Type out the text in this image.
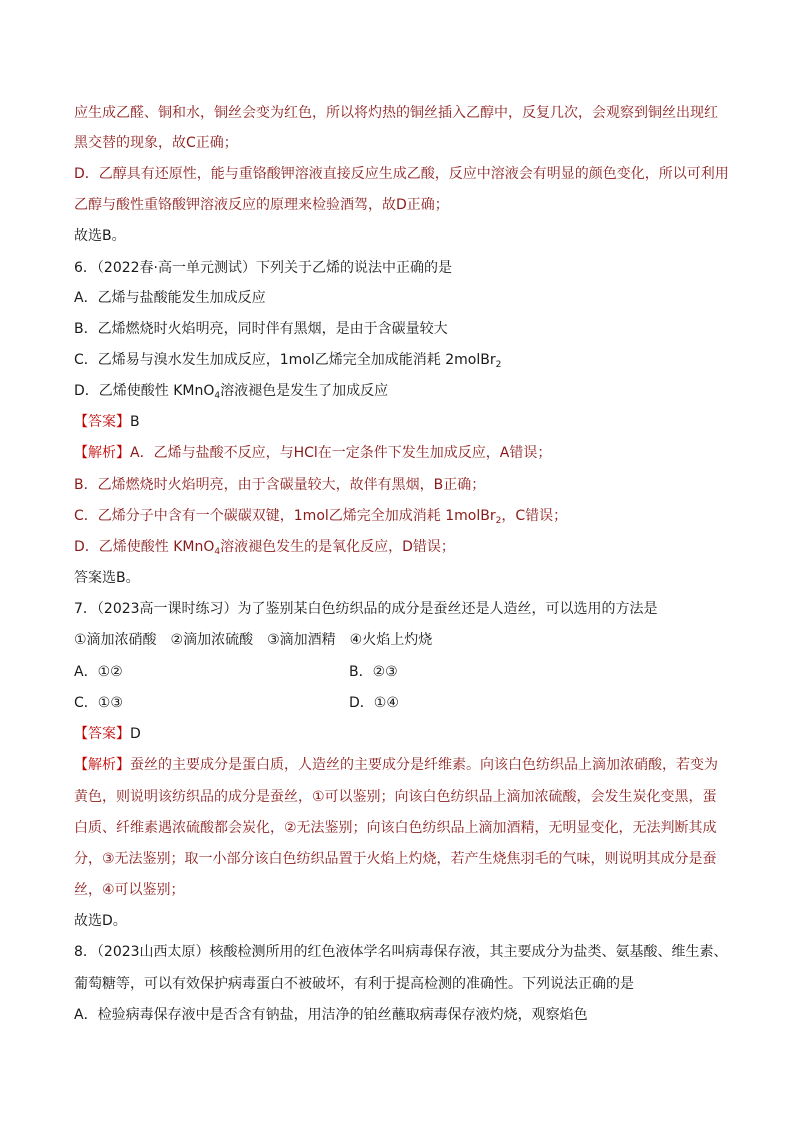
应生成乙醛、铜和水，铜丝会变为红色，所以将灼热的铜丝插入乙醇中，反复几次，会观察到铜丝出现红
黑交替的现象，故C正确；
D．乙醇具有还原性，能与重铬酸钾溶液直接反应生成乙酸，反应中溶液会有明显的颜色变化，所以可利用
乙醇与酸性重铬酸钾溶液反应的原理来检验酒驾，故D正确；
故选B。
6．（2022春·高一单元测试）下列关于乙烯的说法中正确的是
A．乙烯与盐酸能发生加成反应
B．乙烯燃烧时火焰明亮，同时伴有黑烟，是由于含碳量较大
C．乙烯易与溴水发生加成反应，1mol乙烯完全加成能消耗 2molBr$_2$
D．乙烯使酸性 KMnO$_4$溶液褪色是发生了加成反应
【答案】B
【解析】A．乙烯与盐酸不反应，与HCl在一定条件下发生加成反应，A错误；
B．乙烯燃烧时火焰明亮，由于含碳量较大，故伴有黑烟，B正确；
C．乙烯分子中含有一个碳碳双键，1mol乙烯完全加成消耗 1molBr$_2$，C错误；
D．乙烯使酸性 KMnO$_4$溶液褪色发生的是氧化反应，D错误；
答案选B。
7．（2023高一课时练习）为了鉴别某白色纺织品的成分是蚕丝还是人造丝，可以选用的方法是
①滴加浓硝酸　②滴加浓硫酸　③滴加酒精　④火焰上灼烧
A．①②	B．②③
C．①③	D．①④
【答案】D
【解析】蚕丝的主要成分是蛋白质，人造丝的主要成分是纤维素。向该白色纺织品上滴加浓硝酸，若变为
黄色，则说明该纺织品的成分是蚕丝，①可以鉴别；向该白色纺织品上滴加浓硫酸，会发生炭化变黑，蛋
白质、纤维素遇浓硫酸都会炭化，②无法鉴别；向该白色纺织品上滴加酒精，无明显变化，无法判断其成
分，③无法鉴别；取一小部分该白色纺织品置于火焰上灼烧，若产生烧焦羽毛的气味，则说明其成分是蚕
丝，④可以鉴别；
故选D。
8．（2023山西太原）核酸检测所用的红色液体学名叫病毒保存液，其主要成分为盐类、氨基酸、维生素、
葡萄糖等，可以有效保护病毒蛋白不被破坏，有利于提高检测的准确性。下列说法正确的是
A．检验病毒保存液中是否含有钠盐，用洁净的铂丝蘸取病毒保存液灼烧，观察焰色
